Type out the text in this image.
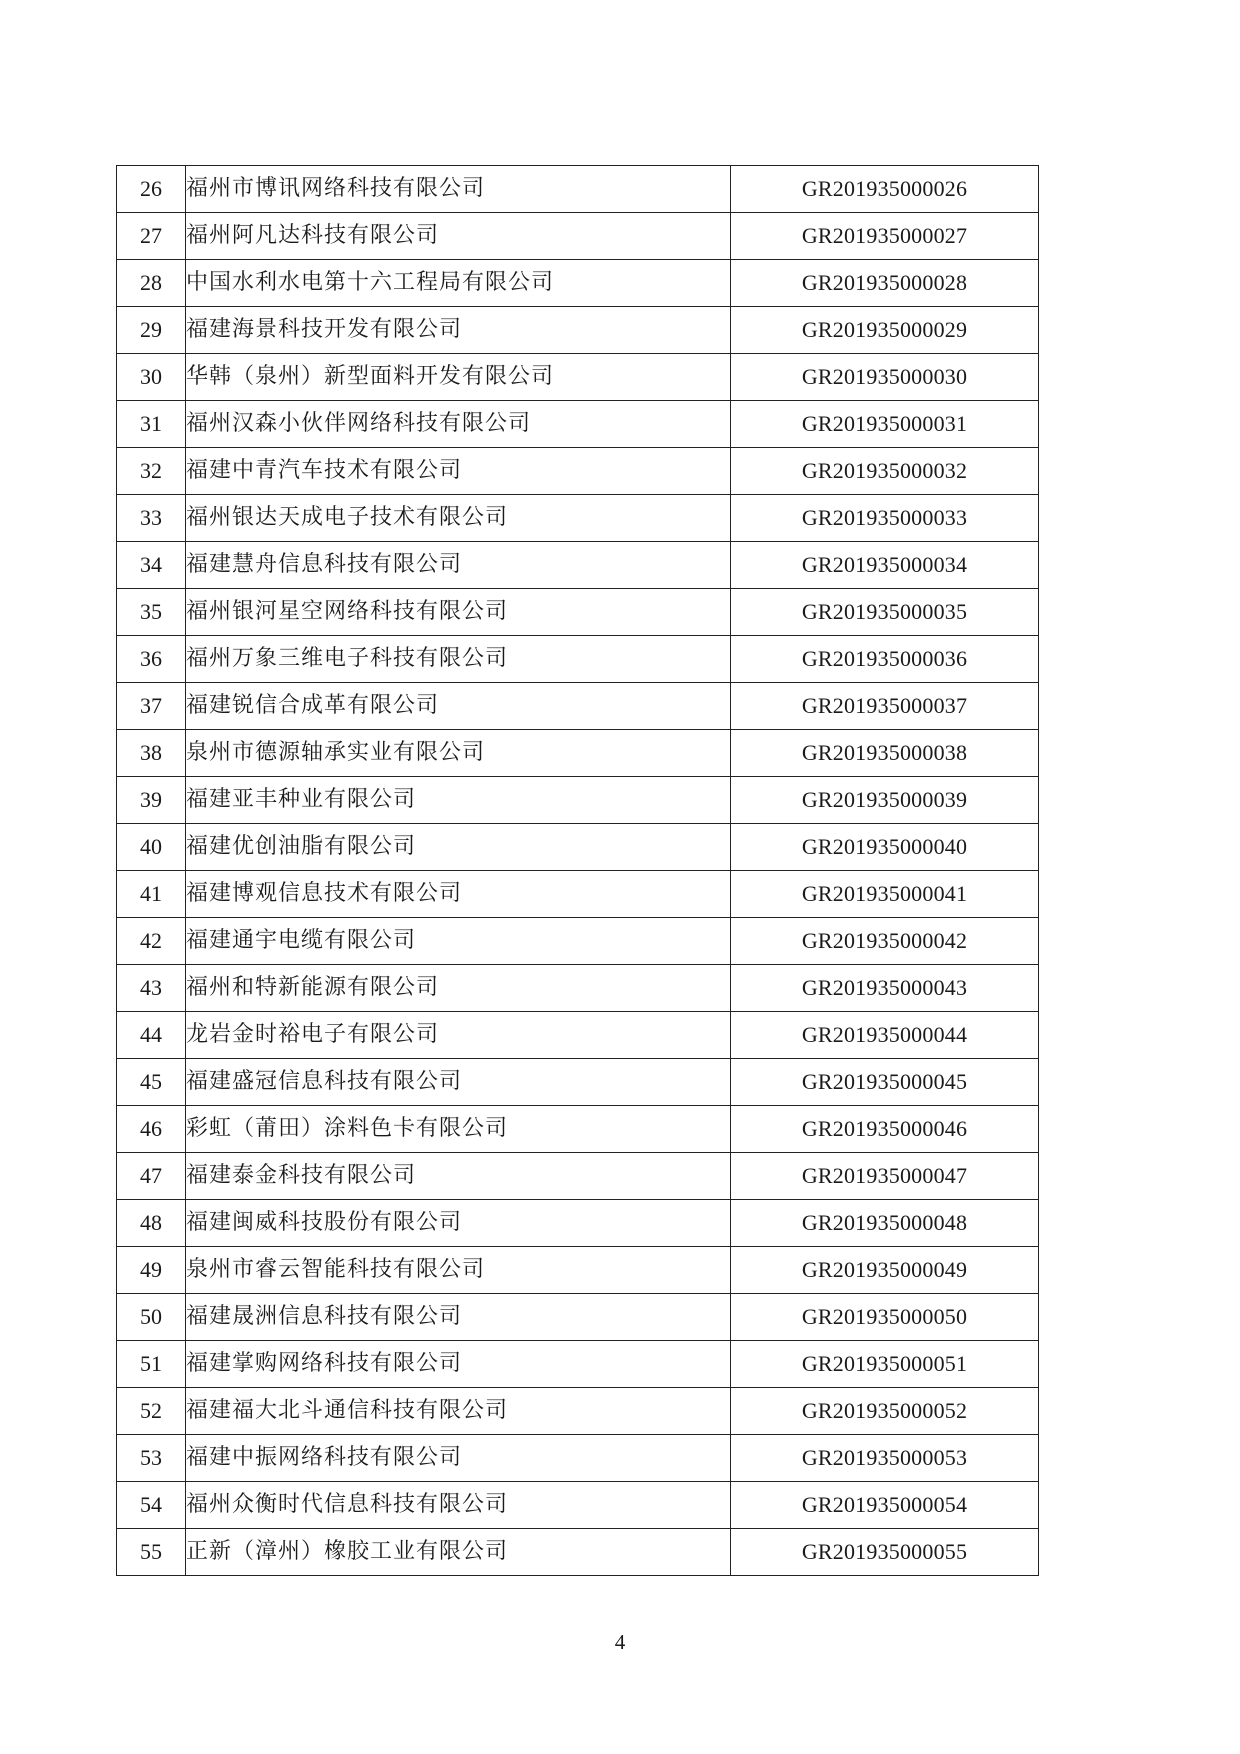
26	福州市博讯网络科技有限公司	GR201935000026
27	福州阿凡达科技有限公司	GR201935000027
28	中国水利水电第十六工程局有限公司	GR201935000028
29	福建海景科技开发有限公司	GR201935000029
30	华韩（泉州）新型面料开发有限公司	GR201935000030
31	福州汉森小伙伴网络科技有限公司	GR201935000031
32	福建中青汽车技术有限公司	GR201935000032
33	福州银达天成电子技术有限公司	GR201935000033
34	福建慧舟信息科技有限公司	GR201935000034
35	福州银河星空网络科技有限公司	GR201935000035
36	福州万象三维电子科技有限公司	GR201935000036
37	福建锐信合成革有限公司	GR201935000037
38	泉州市德源轴承实业有限公司	GR201935000038
39	福建亚丰种业有限公司	GR201935000039
40	福建优创油脂有限公司	GR201935000040
41	福建博观信息技术有限公司	GR201935000041
42	福建通宇电缆有限公司	GR201935000042
43	福州和特新能源有限公司	GR201935000043
44	龙岩金时裕电子有限公司	GR201935000044
45	福建盛冠信息科技有限公司	GR201935000045
46	彩虹（莆田）涂料色卡有限公司	GR201935000046
47	福建泰金科技有限公司	GR201935000047
48	福建闽威科技股份有限公司	GR201935000048
49	泉州市睿云智能科技有限公司	GR201935000049
50	福建晟洲信息科技有限公司	GR201935000050
51	福建掌购网络科技有限公司	GR201935000051
52	福建福大北斗通信科技有限公司	GR201935000052
53	福建中振网络科技有限公司	GR201935000053
54	福州众衡时代信息科技有限公司	GR201935000054
55	正新（漳州）橡胶工业有限公司	GR201935000055
4
